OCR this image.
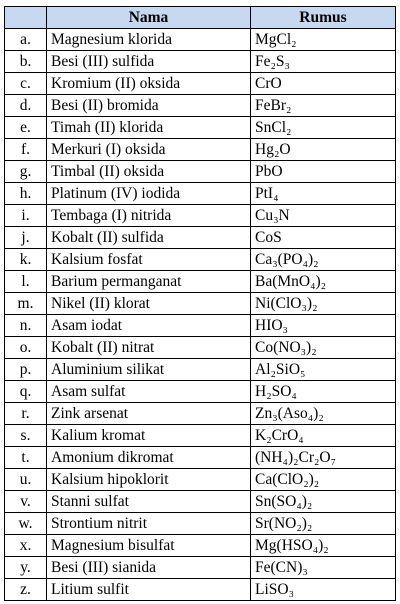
	Nama	Rumus
a.	Magnesium klorida	MgCl₂
b.	Besi (III) sulfida	Fe₂S₃
c.	Kromium (II) oksida	CrO
d.	Besi (II) bromida	FeBr₂
e.	Timah (II) klorida	SnCl₂
f.	Merkuri (I) oksida	Hg₂O
g.	Timbal (II) oksida	PbO
h.	Platinum (IV) iodida	PtI₄
i.	Tembaga (I) nitrida	Cu₃N
j.	Kobalt (II) sulfida	CoS
k.	Kalsium fosfat	Ca₃(PO₄)₂
l.	Barium permanganat	Ba(MnO₄)₂
m.	Nikel (II) klorat	Ni(ClO₃)₂
n.	Asam iodat	HIO₃
o.	Kobalt (II) nitrat	Co(NO₃)₂
p.	Aluminium silikat	Al₂SiO₅
q.	Asam sulfat	H₂SO₄
r.	Zink arsenat	Zn₃(Aso₄)₂
s.	Kalium kromat	K₂CrO₄
t.	Amonium dikromat	(NH₄)₂Cr₂O₇
u.	Kalsium hipoklorit	Ca(ClO₂)₂
v.	Stanni sulfat	Sn(SO₄)₂
w.	Strontium nitrit	Sr(NO₂)₂
x.	Magnesium bisulfat	Mg(HSO₄)₂
y.	Besi (III) sianida	Fe(CN)₃
z.	Litium sulfit	LiSO₃
